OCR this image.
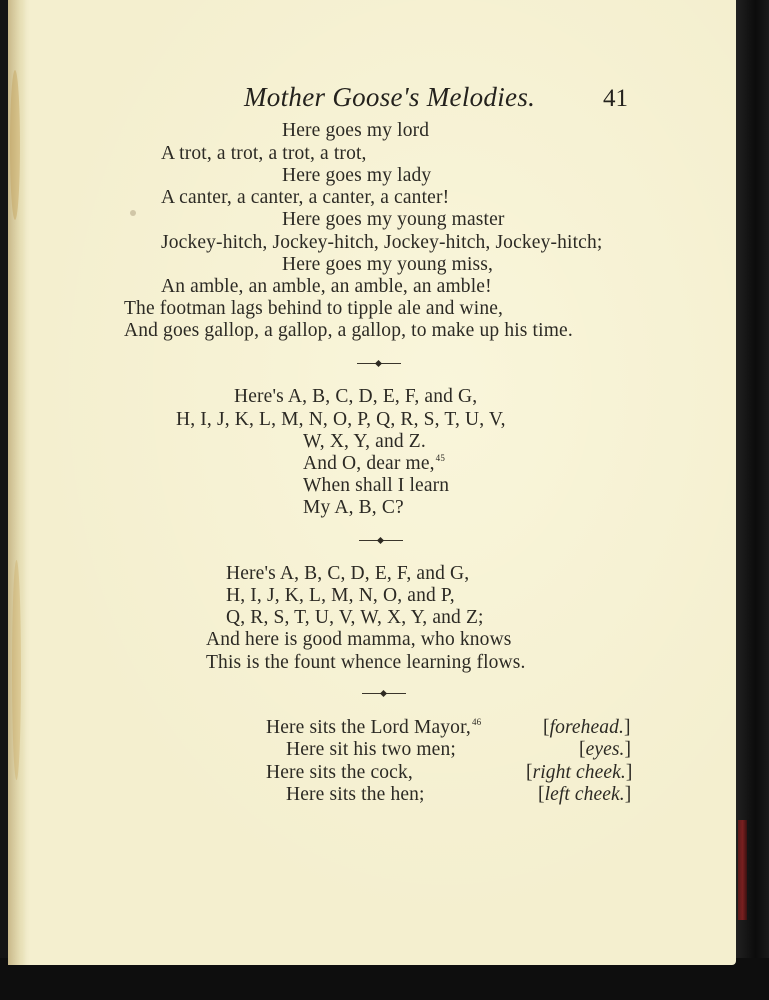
Mother Goose's Melodies.	41
Here goes my lord
A trot, a trot, a trot, a trot,
Here goes my lady
A canter, a canter, a canter, a canter!
Here goes my young master
Jockey-hitch, Jockey-hitch, Jockey-hitch, Jockey-hitch;
Here goes my young miss,
An amble, an amble, an amble, an amble!
The footman lags behind to tipple ale and wine,
And goes gallop, a gallop, a gallop, to make up his time.
Here's A, B, C, D, E, F, and G,
H, I, J, K, L, M, N, O, P, Q, R, S, T, U, V,
W, X, Y, and Z.
And O, dear me,$^{45}$
When shall I learn
My A, B, C?
Here's A, B, C, D, E, F, and G,
H, I, J, K, L, M, N, O, and P,
Q, R, S, T, U, V, W, X, Y, and Z;
And here is good mamma, who knows
This is the fount whence learning flows.
Here sits the Lord Mayor,$^{46}$
Here sit his two men;
Here sits the cock,
Here sits the hen;
[forehead.]
[eyes.]
[right cheek.]
[left cheek.]
